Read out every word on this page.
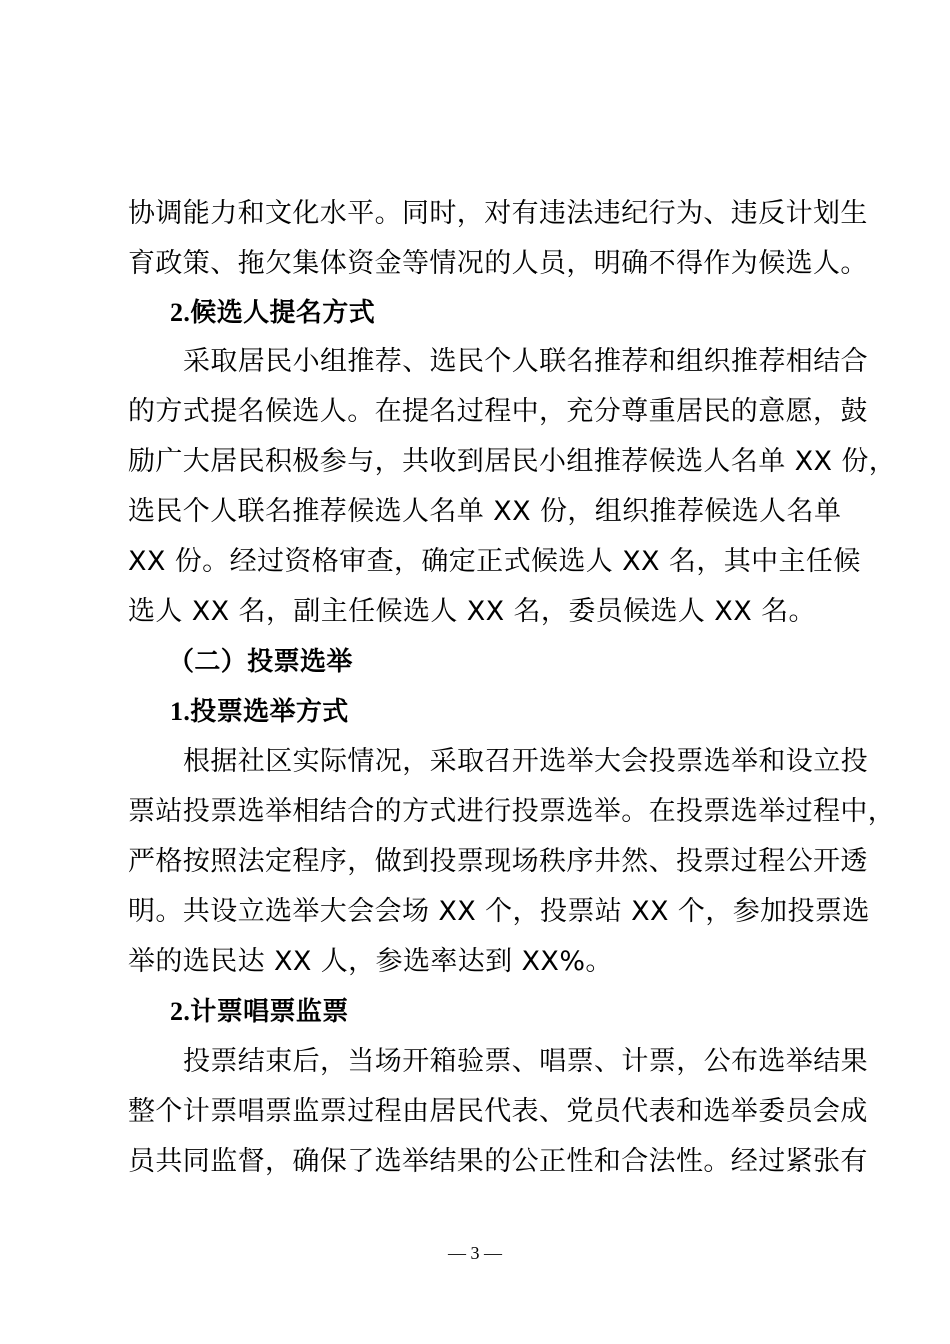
协调能力和文化水平。同时，对有违法违纪行为、违反计划生
育政策、拖欠集体资金等情况的人员，明确不得作为候选人。
2.候选人提名方式
采取居民小组推荐、选民个人联名推荐和组织推荐相结合
的方式提名候选人。在提名过程中，充分尊重居民的意愿，鼓
励广大居民积极参与，共收到居民小组推荐候选人名单 XX 份，
选民个人联名推荐候选人名单 XX 份，组织推荐候选人名单
XX 份。经过资格审查，确定正式候选人 XX 名，其中主任候
选人 XX 名，副主任候选人 XX 名，委员候选人 XX 名。
（二）投票选举
1.投票选举方式
根据社区实际情况，采取召开选举大会投票选举和设立投
票站投票选举相结合的方式进行投票选举。在投票选举过程中，
严格按照法定程序，做到投票现场秩序井然、投票过程公开透
明。共设立选举大会会场 XX 个，投票站 XX 个，参加投票选
举的选民达 XX 人，参选率达到 XX%。
2.计票唱票监票
投票结束后，当场开箱验票、唱票、计票，公布选举结果
整个计票唱票监票过程由居民代表、党员代表和选举委员会成
员共同监督，确保了选举结果的公正性和合法性。经过紧张有
— 3 —
